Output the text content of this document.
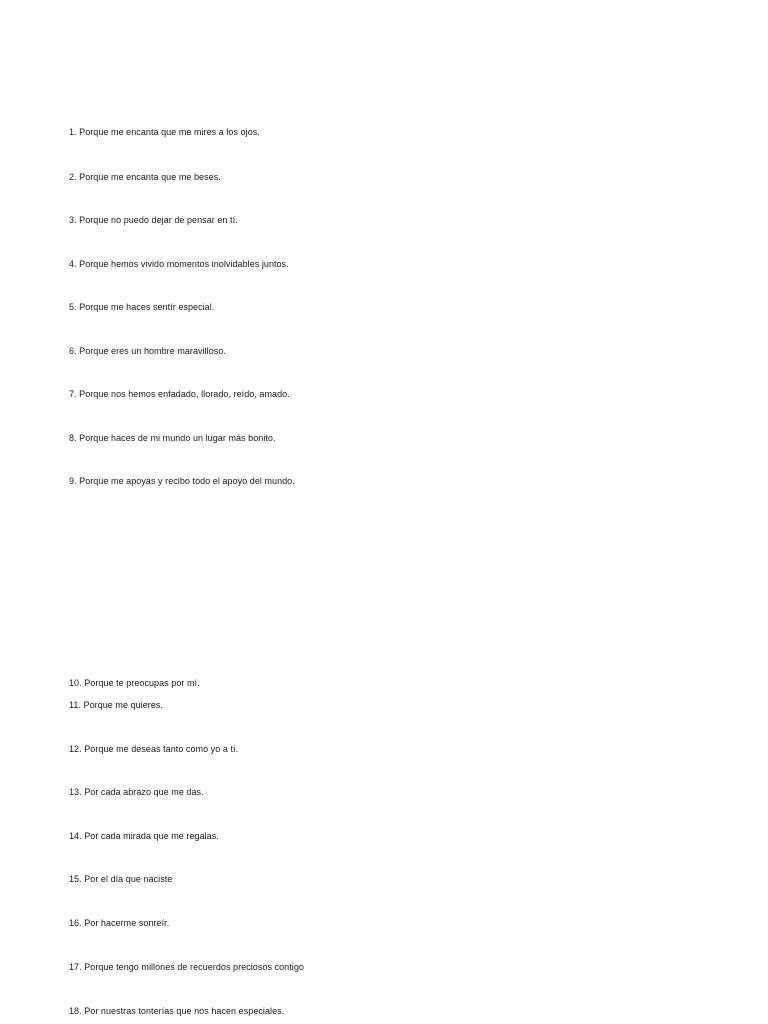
1. Porque me encanta que me mires a los ojos.
2. Porque me encanta que me beses.
3. Porque no puedo dejar de pensar en tí.
4. Porque hemos vivido momentos inolvidables juntos.
5. Porque me haces sentír especial.
6. Porque eres un hombre maravilloso.
7. Porque nos hemos enfadado, llorado, reído, amado.
8. Porque haces de mi mundo un lugar más bonito.
9. Porque me apoyas y recibo todo el apoyo del mundo.
10. Porque te preocupas por mí.
11. Porque me quieres.
12. Porque me deseas tanto como yo a tí.
13. Por cada abrazo que me das.
14. Por cada mirada que me regalas.
15. Por el día que naciste
16. Por hacerme sonreír.
17. Porque tengo millones de recuerdos preciosos contigo
18. Por nuestras tonterías que nos hacen especiales.
